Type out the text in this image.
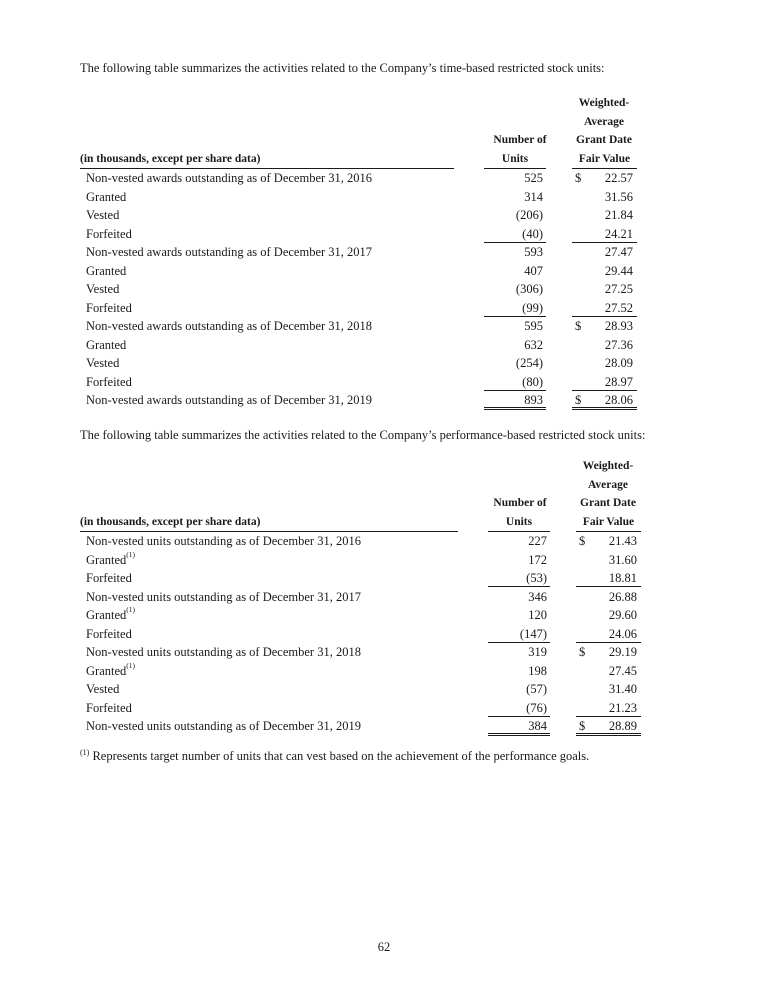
The following table summarizes the activities related to the Company’s time-based restricted stock units:
Weighted-
Average
Number of	Grant Date
(in thousands, except per share data)	Units	Fair Value
Non-vested awards outstanding as of December 31, 2016	525	$ 22.57
Granted	314	31.56
Vested	(206)	21.84
Forfeited	(40)	24.21
Non-vested awards outstanding as of December 31, 2017	593	27.47
Granted	407	29.44
Vested	(306)	27.25
Forfeited	(99)	27.52
Non-vested awards outstanding as of December 31, 2018	595	$ 28.93
Granted	632	27.36
Vested	(254)	28.09
Forfeited	(80)	28.97
Non-vested awards outstanding as of December 31, 2019	893	$ 28.06
The following table summarizes the activities related to the Company’s performance-based restricted stock units:
Weighted-
Average
Number of	Grant Date
(in thousands, except per share data)	Units	Fair Value
Non-vested units outstanding as of December 31, 2016	227	$ 21.43
Granted$^{(1)}$	172	31.60
Forfeited	(53)	18.81
Non-vested units outstanding as of December 31, 2017	346	26.88
Granted$^{(1)}$	120	29.60
Forfeited	(147)	24.06
Non-vested units outstanding as of December 31, 2018	319	$ 29.19
Granted$^{(1)}$	198	27.45
Vested	(57)	31.40
Forfeited	(76)	21.23
Non-vested units outstanding as of December 31, 2019	384	$ 28.89
$^{(1)}$ Represents target number of units that can vest based on the achievement of the performance goals.
62
